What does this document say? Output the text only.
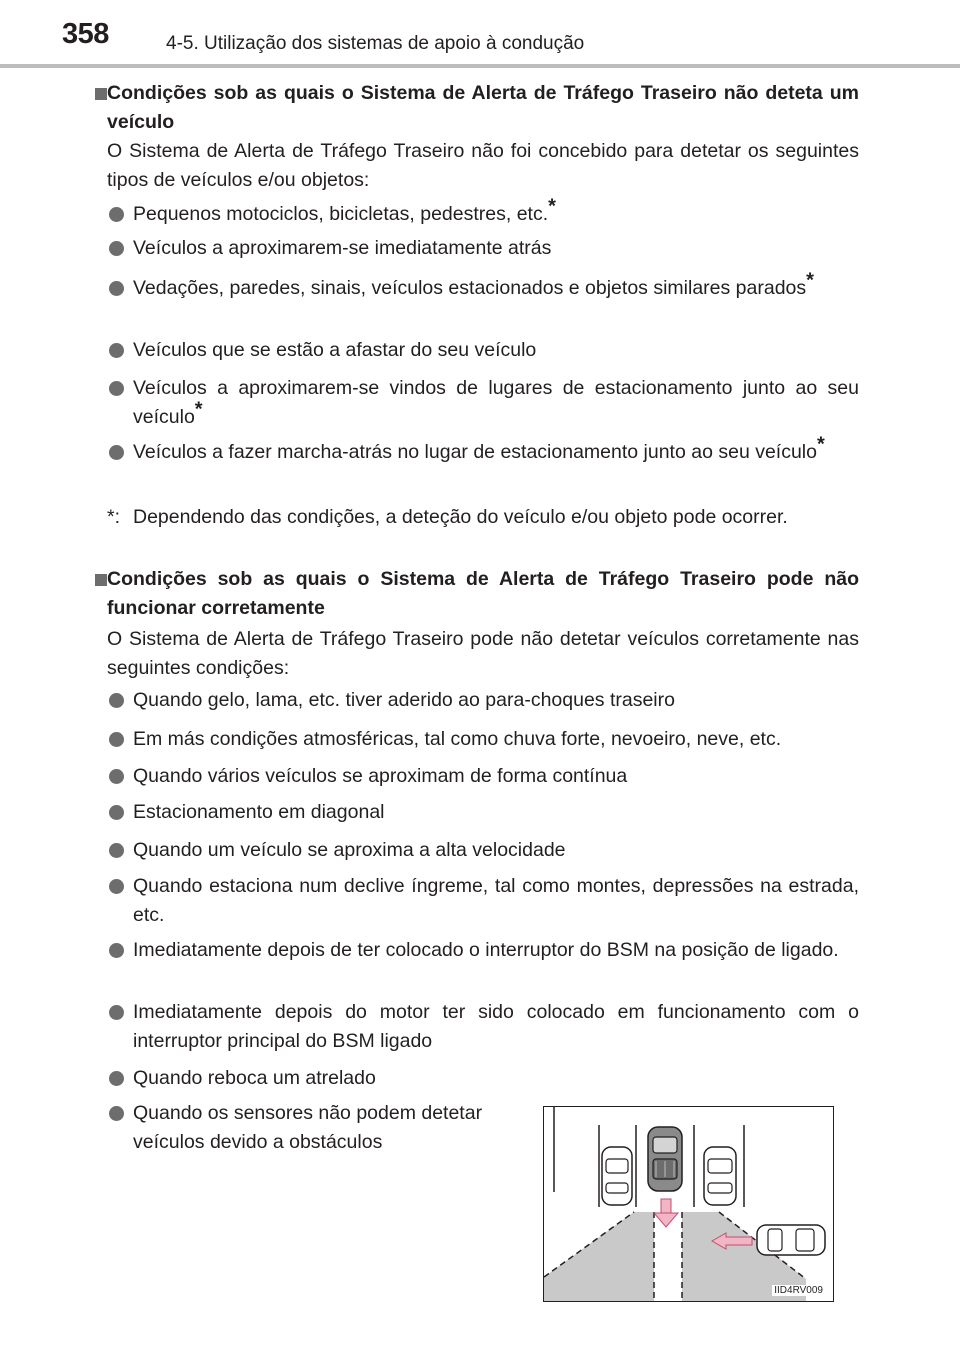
358	4-5. Utilização dos sistemas de apoio à condução
Condições sob as quais o Sistema de Alerta de Tráfego Traseiro não deteta um veículo
O Sistema de Alerta de Tráfego Traseiro não foi concebido para detetar os seguintes tipos de veículos e/ou objetos:
Pequenos motociclos, bicicletas, pedestres, etc.*
Veículos a aproximarem-se imediatamente atrás
Vedações, paredes, sinais, veículos estacionados e objetos similares parados*
Veículos que se estão a afastar do seu veículo
Veículos a aproximarem-se vindos de lugares de estacionamento junto ao seu veículo*
Veículos a fazer marcha-atrás no lugar de estacionamento junto ao seu veículo*
*: Dependendo das condições, a deteção do veículo e/ou objeto pode ocorrer.
Condições sob as quais o Sistema de Alerta de Tráfego Traseiro pode não funcionar corretamente
O Sistema de Alerta de Tráfego Traseiro pode não detetar veículos corretamente nas seguintes condições:
Quando gelo, lama, etc. tiver aderido ao para-choques traseiro
Em más condições atmosféricas, tal como chuva forte, nevoeiro, neve, etc.
Quando vários veículos se aproximam de forma contínua
Estacionamento em diagonal
Quando um veículo se aproxima a alta velocidade
Quando estaciona num declive íngreme, tal como montes, depressões na estrada, etc.
Imediatamente depois de ter colocado o interruptor do BSM na posição de ligado.
Imediatamente depois do motor ter sido colocado em funcionamento com o interruptor principal do BSM ligado
Quando reboca um atrelado
Quando os sensores não podem detetar veículos devido a obstáculos
IID4RV009
